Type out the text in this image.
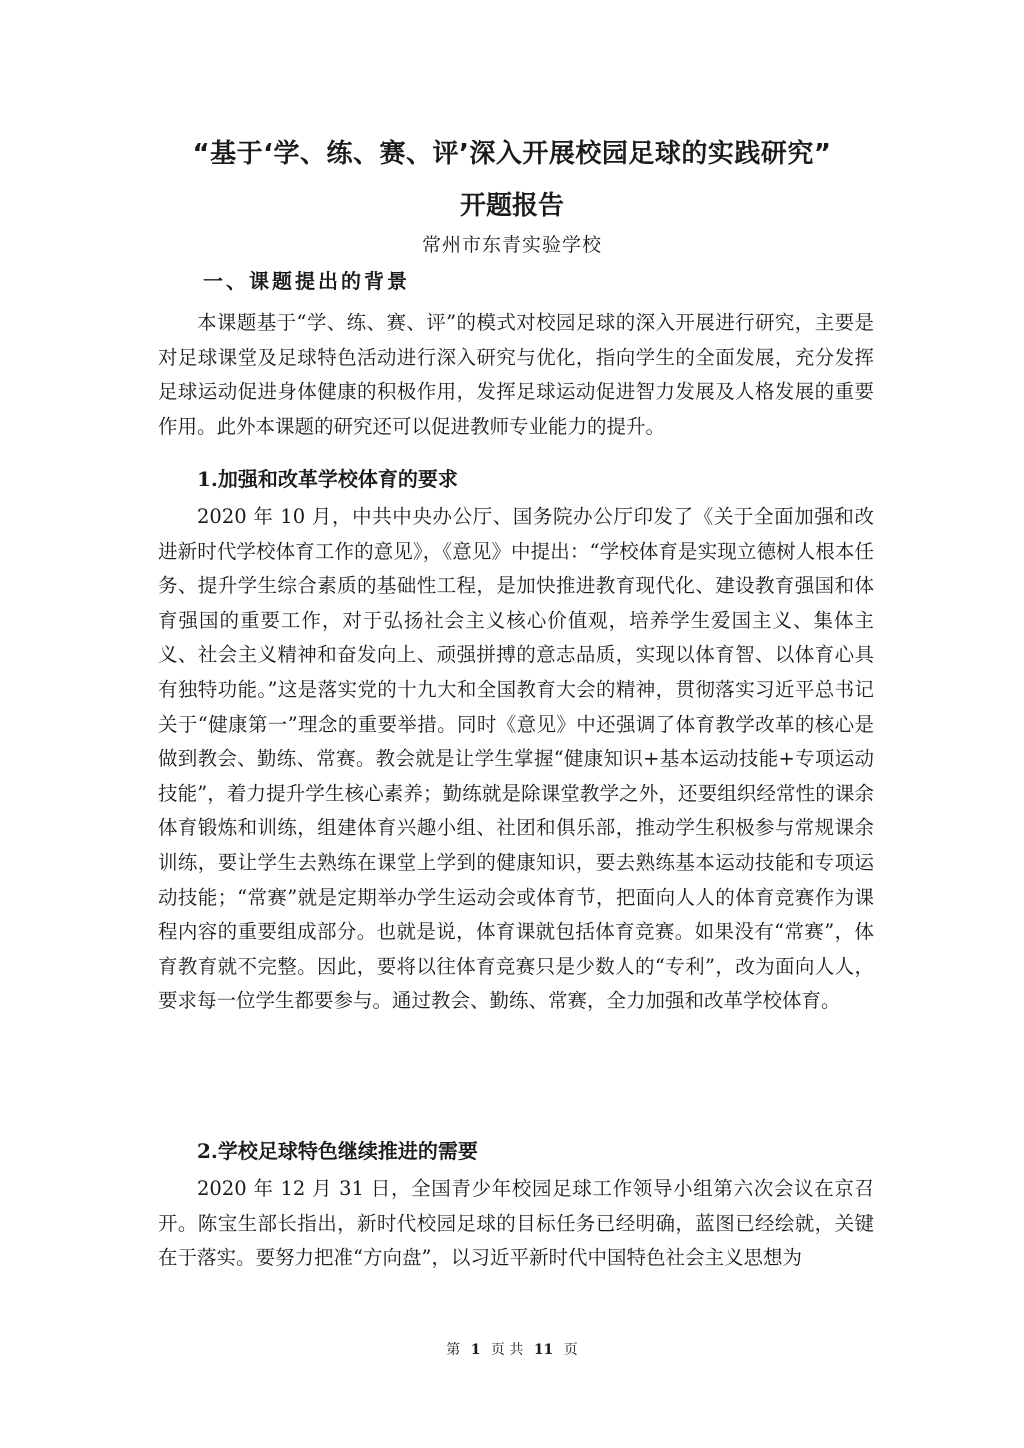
“基于‘学、练、赛、评’深入开展校园足球的实践研究”
开题报告
常州市东青实验学校
一、课题提出的背景

本课题基于“学、练、赛、评”的模式对校园足球的深入开展进行研究，主要是对足球课堂及足球特色活动进行深入研究与优化，指向学生的全面发展，充分发挥足球运动促进身体健康的积极作用，发挥足球运动促进智力发展及人格发展的重要作用。此外本课题的研究还可以促进教师专业能力的提升。

1.加强和改革学校体育的要求

2020 年 10 月，中共中央办公厅、国务院办公厅印发了《关于全面加强和改进新时代学校体育工作的意见》，《意见》中提出：“学校体育是实现立德树人根本任务、提升学生综合素质的基础性工程，是加快推进教育现代化、建设教育强国和体育强国的重要工作，对于弘扬社会主义核心价值观，培养学生爱国主义、集体主义、社会主义精神和奋发向上、顽强拼搏的意志品质，实现以体育智、以体育心具有独特功能。”这是落实党的十九大和全国教育大会的精神，贯彻落实习近平总书记关于“健康第一”理念的重要举措。同时《意见》中还强调了体育教学改革的核心是做到教会、勤练、常赛。教会就是让学生掌握“健康知识+基本运动技能+专项运动技能”，着力提升学生核心素养；勤练就是除课堂教学之外，还要组织经常性的课余体育锻炼和训练，组建体育兴趣小组、社团和俱乐部，推动学生积极参与常规课余训练，要让学生去熟练在课堂上学到的健康知识，要去熟练基本运动技能和专项运动技能；“常赛”就是定期举办学生运动会或体育节，把面向人人的体育竞赛作为课程内容的重要组成部分。也就是说，体育课就包括体育竞赛。如果没有“常赛”，体育教育就不完整。因此，要将以往体育竞赛只是少数人的“专利”，改为面向人人，要求每一位学生都要参与。通过教会、勤练、常赛，全力加强和改革学校体育。

2.学校足球特色继续推进的需要

2020 年 12 月 31 日，全国青少年校园足球工作领导小组第六次会议在京召开。陈宝生部长指出，新时代校园足球的目标任务已经明确，蓝图已经绘就，关键在于落实。要努力把准“方向盘”，以习近平新时代中国特色社会主义思想为

第 1 页 共 11 页
